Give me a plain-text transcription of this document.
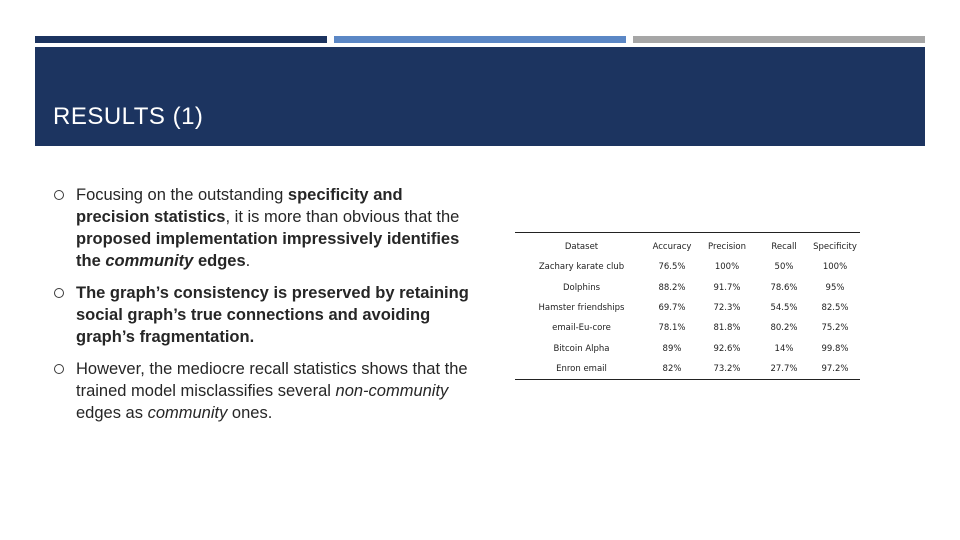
RESULTS (1)
Focusing on the outstanding specificity and precision statistics, it is more than obvious that the proposed implementation impressively identifies the community edges.
The graph’s consistency is preserved by retaining social graph’s true connections and avoiding graph’s fragmentation.
However, the mediocre recall statistics shows that the trained model misclassifies several non-community edges as community ones.
Dataset	Accuracy	Precision	Recall	Specificity
Zachary karate club	76.5%	100%	50%	100%
Dolphins	88.2%	91.7%	78.6%	95%
Hamster friendships	69.7%	72.3%	54.5%	82.5%
email-Eu-core	78.1%	81.8%	80.2%	75.2%
Bitcoin Alpha	89%	92.6%	14%	99.8%
Enron email	82%	73.2%	27.7%	97.2%
